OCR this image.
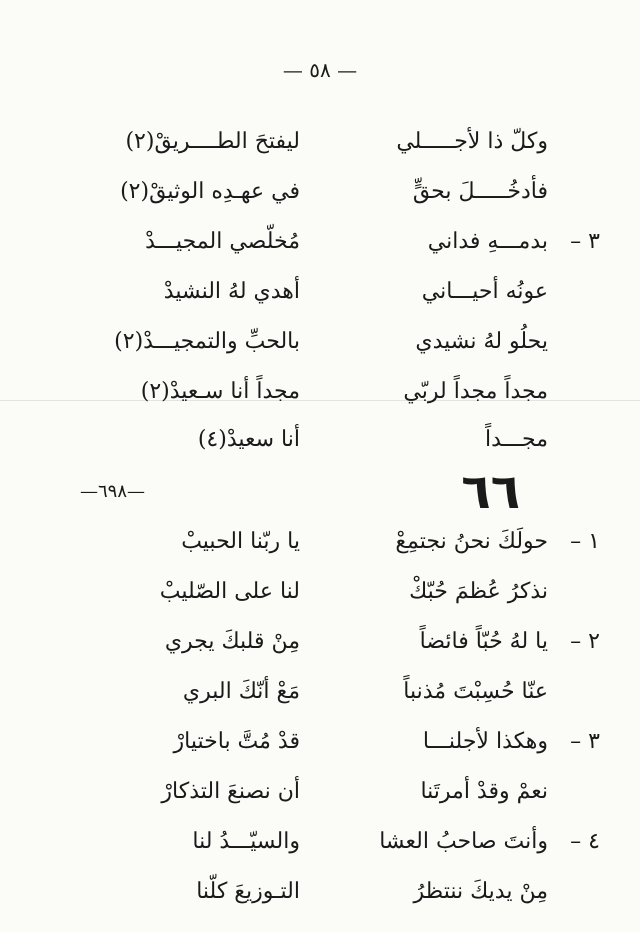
— ٥٨ —
وكلّ ذا لأجـــــلي
ليفتحَ الطــــريقْ(٢)
فأدخُـــــلَ بحقٍّ
في عهـدِه الوثيقْ(٢)
٣ –
بدمـــهِ فداني
مُخلّصي المجيـــدْ
عونُه أحيـــاني
أهدي لهُ النشيدْ
يحلُو لهُ نشيدي
بالحبِّ والتمجيـــدْ(٢)
مجداً مجداً لربّي
مجداً أنا سـعيدْ(٢)
مجـــداً
أنا سعيدْ(٤)
٦٦
—٦٩٨—
١ –
حولَكَ نحنُ نجتمِعْ
يا ربّنا الحبيبْ
نذكرُ عُظمَ حُبّكْ
لنا على الصّليبْ
٢ –
يا لهُ حُبّاً فائضاً
مِنْ قلبكَ يجري
عنّا حُسِبْتَ مُذنباً
مَعْ أنّكَ البري
٣ –
وهكذا لأجلنـــا
قدْ مُتَّ باختيارْ
نعمْ وقدْ أمرتَنا
أن نصنعَ التذكارْ
٤ –
وأنتَ صاحبُ العشا
والسيّـــدُ لنا
مِنْ يديكَ ننتظرُ
التـوزيعَ كلّنا
